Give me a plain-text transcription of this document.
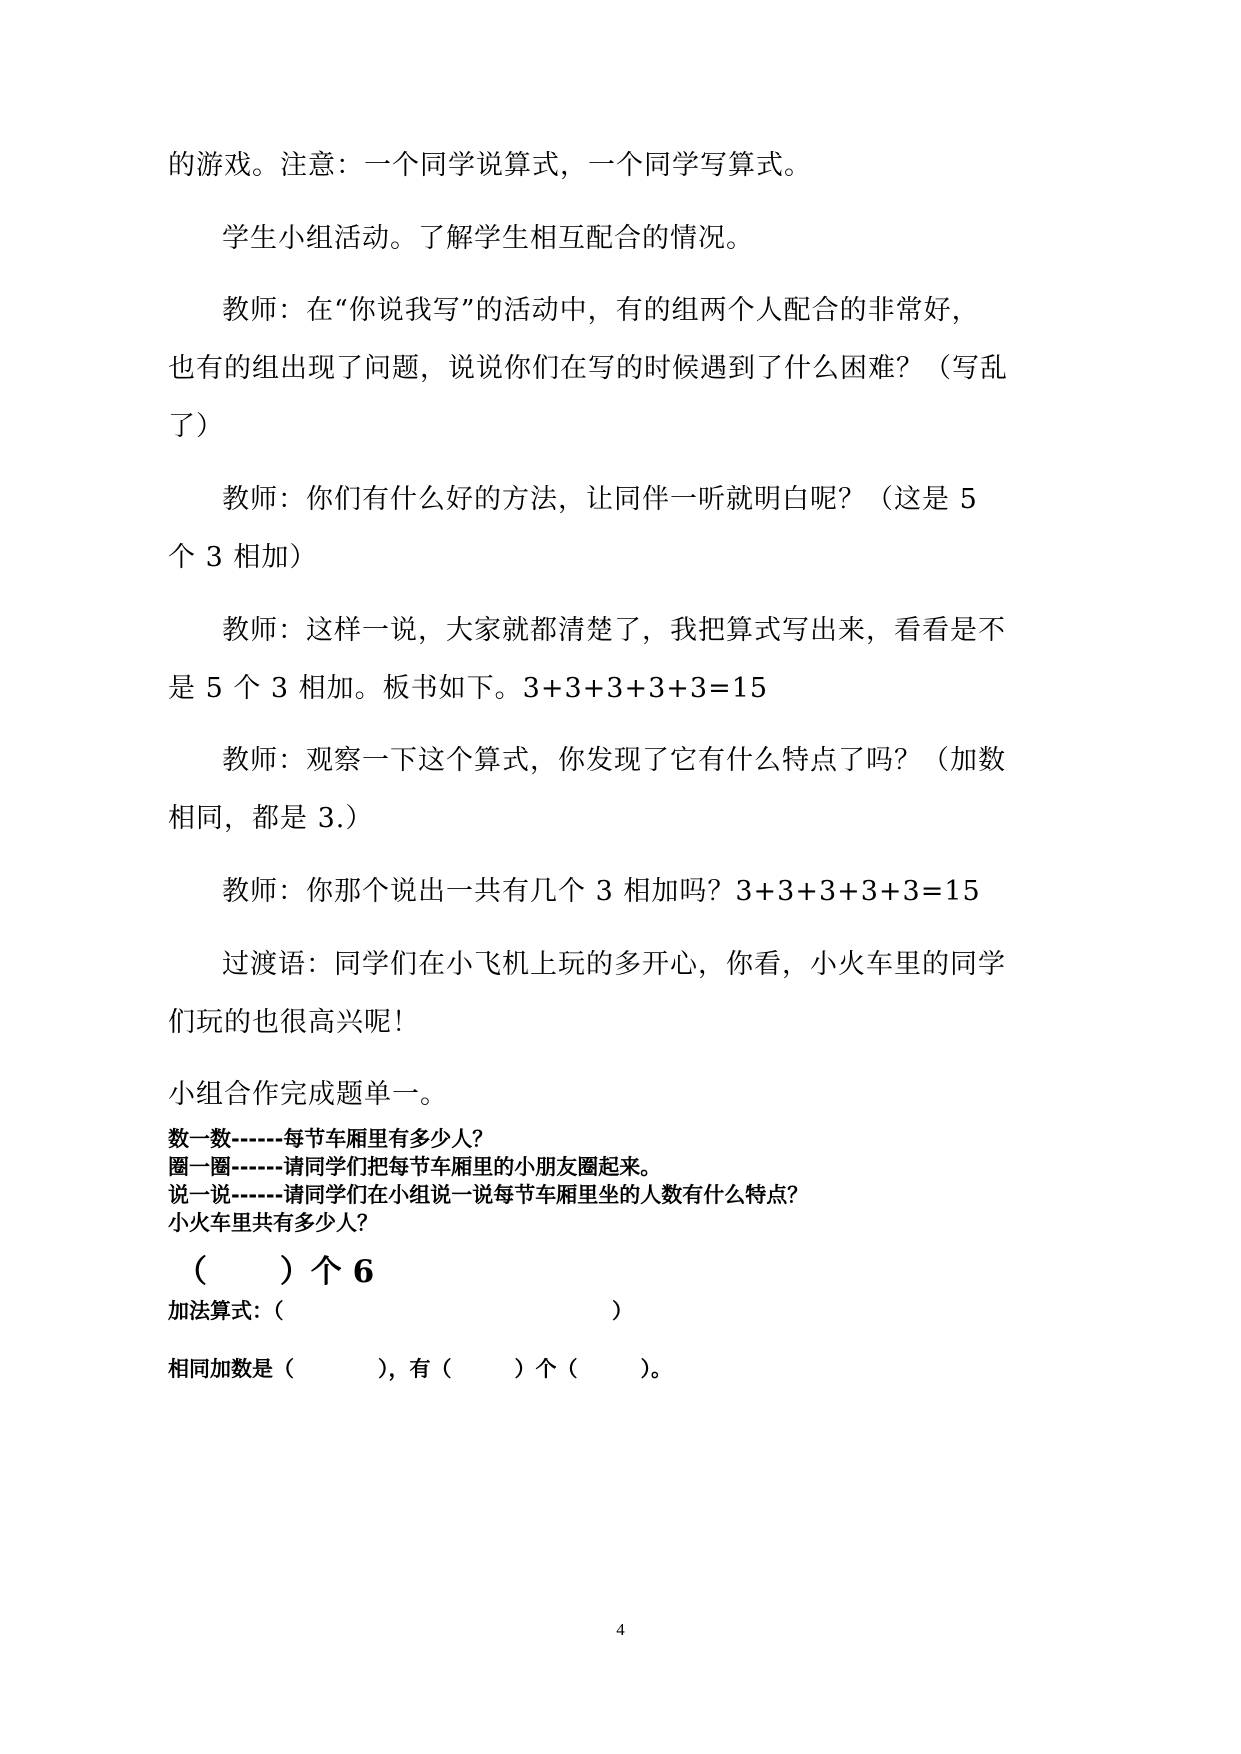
的游戏。注意：一个同学说算式，一个同学写算式。
学生小组活动。了解学生相互配合的情况。
教师：在“你说我写”的活动中，有的组两个人配合的非常好，
也有的组出现了问题，说说你们在写的时候遇到了什么困难？（写乱
了）
教师：你们有什么好的方法，让同伴一听就明白呢？（这是 5
个 3 相加）
教师：这样一说，大家就都清楚了，我把算式写出来，看看是不
是 5 个 3 相加。板书如下。3+3+3+3+3=15
教师：观察一下这个算式，你发现了它有什么特点了吗？（加数
相同，都是 3.）
教师：你那个说出一共有几个 3 相加吗？3+3+3+3+3=15
过渡语：同学们在小飞机上玩的多开心，你看，小火车里的同学
们玩的也很高兴呢！
小组合作完成题单一。
数一数------每节车厢里有多少人？
圈一圈------请同学们把每节车厢里的小朋友圈起来。
说一说------请同学们在小组说一说每节车厢里坐的人数有什么特点？
小火车里共有多少人？
（　　 ）个 6
加法算式：（	）
相同加数是（　　　　），有（　　　）个（　　　）。
4
